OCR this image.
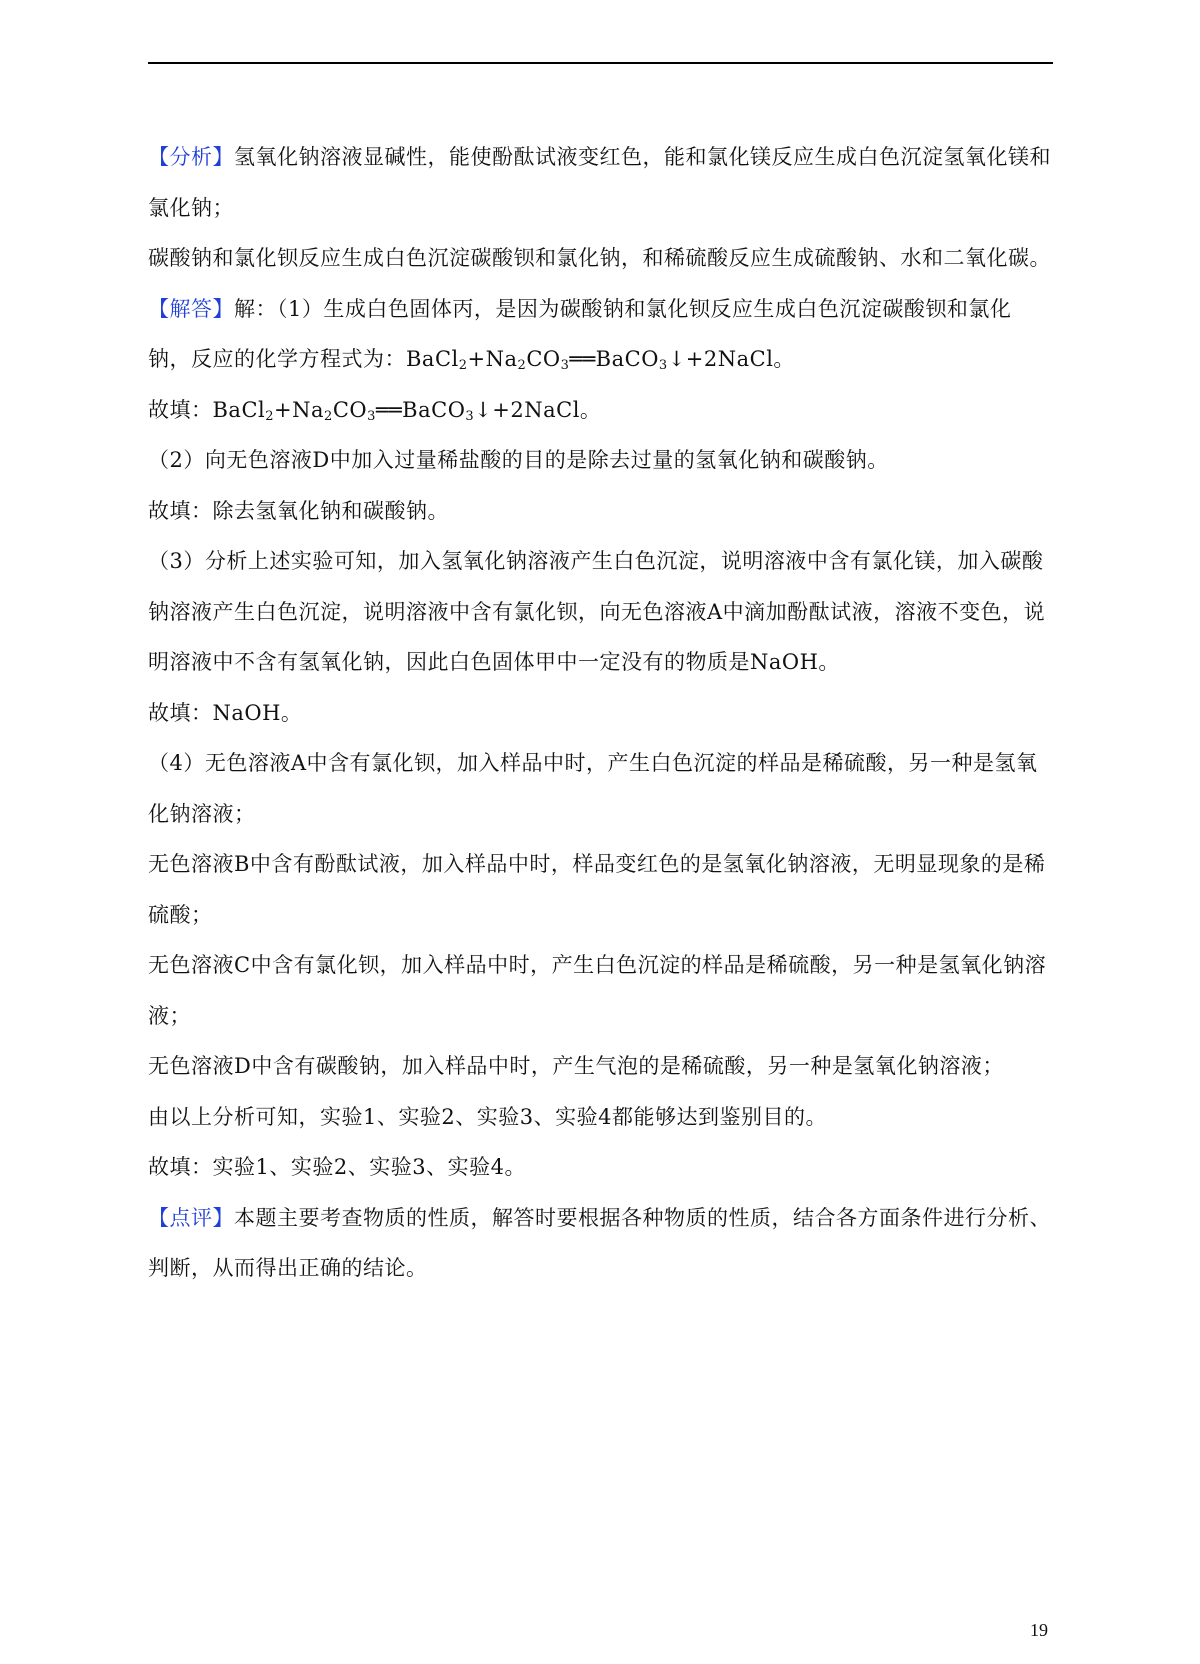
【分析】氢氧化钠溶液显碱性，能使酚酞试液变红色，能和氯化镁反应生成白色沉淀氢氧化镁和氯化钠；

碳酸钠和氯化钡反应生成白色沉淀碳酸钡和氯化钠，和稀硫酸反应生成硫酸钠、水和二氧化碳。

【解答】解：（1）生成白色固体丙，是因为碳酸钠和氯化钡反应生成白色沉淀碳酸钡和氯化钠，反应的化学方程式为：$BaCl_2+Na_2CO_3══BaCO_3↓+2NaCl$。

故填：$BaCl_2+Na_2CO_3══BaCO_3↓+2NaCl$。

（2）向无色溶液D中加入过量稀盐酸的目的是除去过量的氢氧化钠和碳酸钠。

故填：除去氢氧化钠和碳酸钠。

（3）分析上述实验可知，加入氢氧化钠溶液产生白色沉淀，说明溶液中含有氯化镁，加入碳酸钠溶液产生白色沉淀，说明溶液中含有氯化钡，向无色溶液A中滴加酚酞试液，溶液不变色，说明溶液中不含有氢氧化钠，因此白色固体甲中一定没有的物质是NaOH。

故填：NaOH。

（4）无色溶液A中含有氯化钡，加入样品中时，产生白色沉淀的样品是稀硫酸，另一种是氢氧化钠溶液；

无色溶液B中含有酚酞试液，加入样品中时，样品变红色的是氢氧化钠溶液，无明显现象的是稀硫酸；

无色溶液C中含有氯化钡，加入样品中时，产生白色沉淀的样品是稀硫酸，另一种是氢氧化钠溶液；

无色溶液D中含有碳酸钠，加入样品中时，产生气泡的是稀硫酸，另一种是氢氧化钠溶液；

由以上分析可知，实验1、实验2、实验3、实验4都能够达到鉴别目的。

故填：实验1、实验2、实验3、实验4。

【点评】本题主要考查物质的性质，解答时要根据各种物质的性质，结合各方面条件进行分析、判断，从而得出正确的结论。

19
